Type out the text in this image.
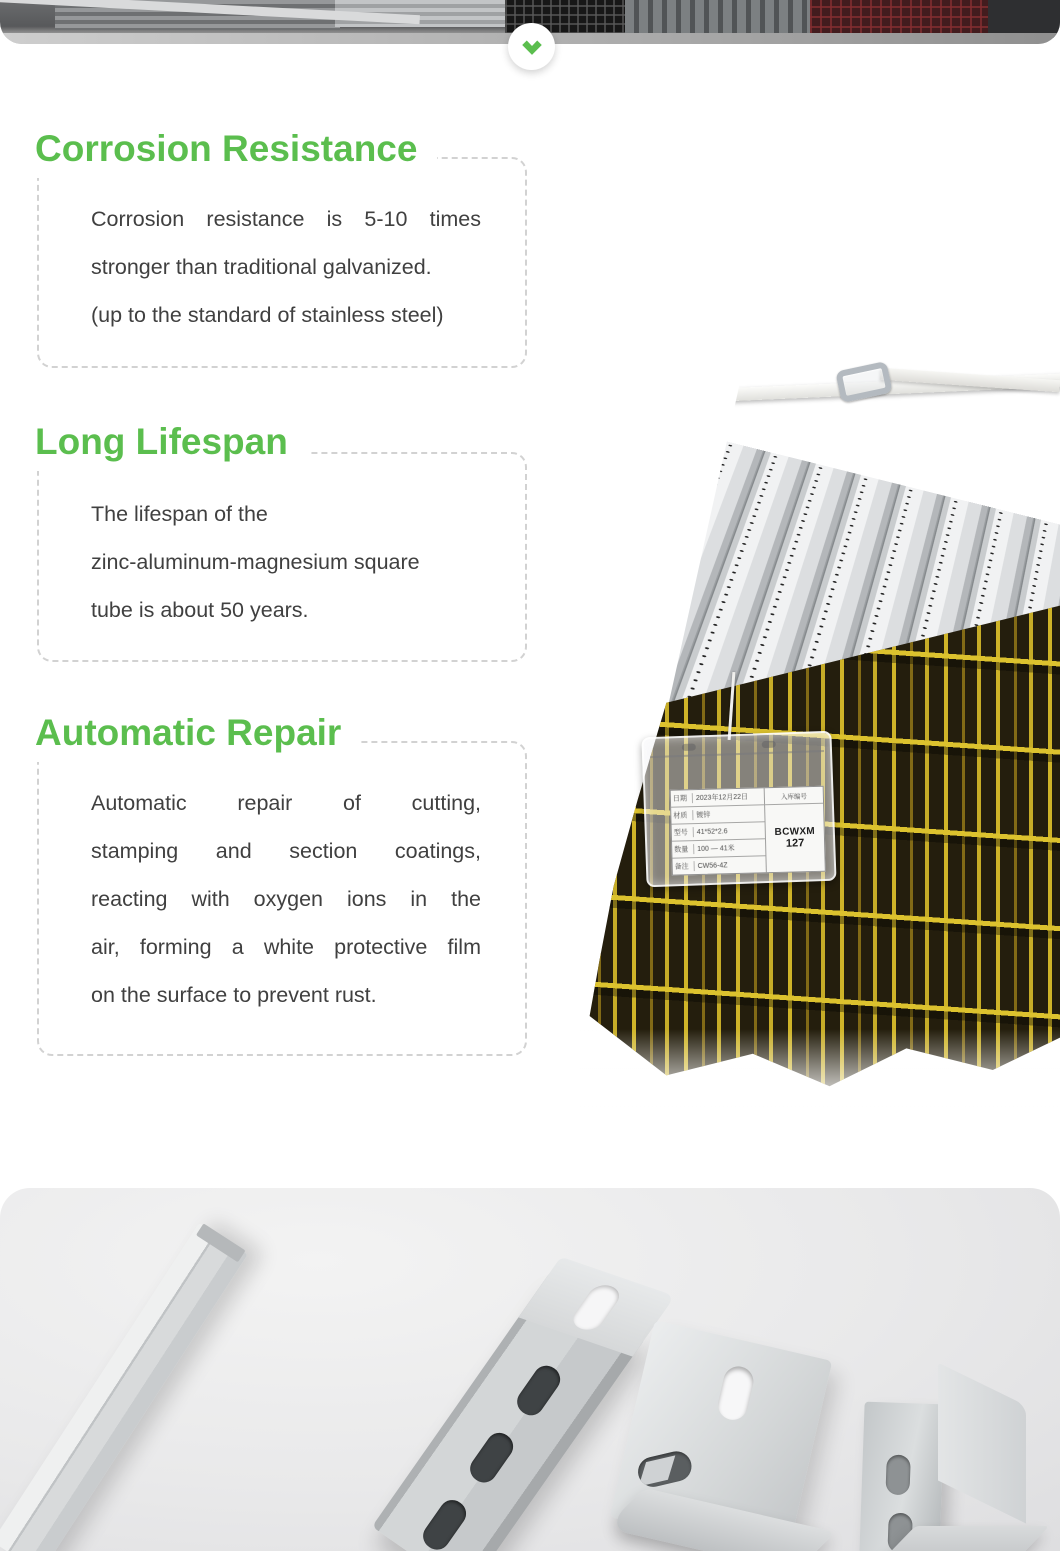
Corrosion Resistance
Corrosion resistance is 5-10 times
stronger than traditional galvanized.
(up to the standard of stainless steel)
Long Lifespan
The lifespan of the
zinc-aluminum-magnesium square
tube is about 50 years.
Automatic Repair
Automatic repair of cutting,
stamping and section coatings,
reacting with oxygen ions in the
air, forming a white protective film
on the surface to prevent rust.
日期	2023年12月22日
材质	镀锌
型号	41*52*2.6
数量	100 — 41米
备注	CW56-4Z
入库编号
BCWXM
127
